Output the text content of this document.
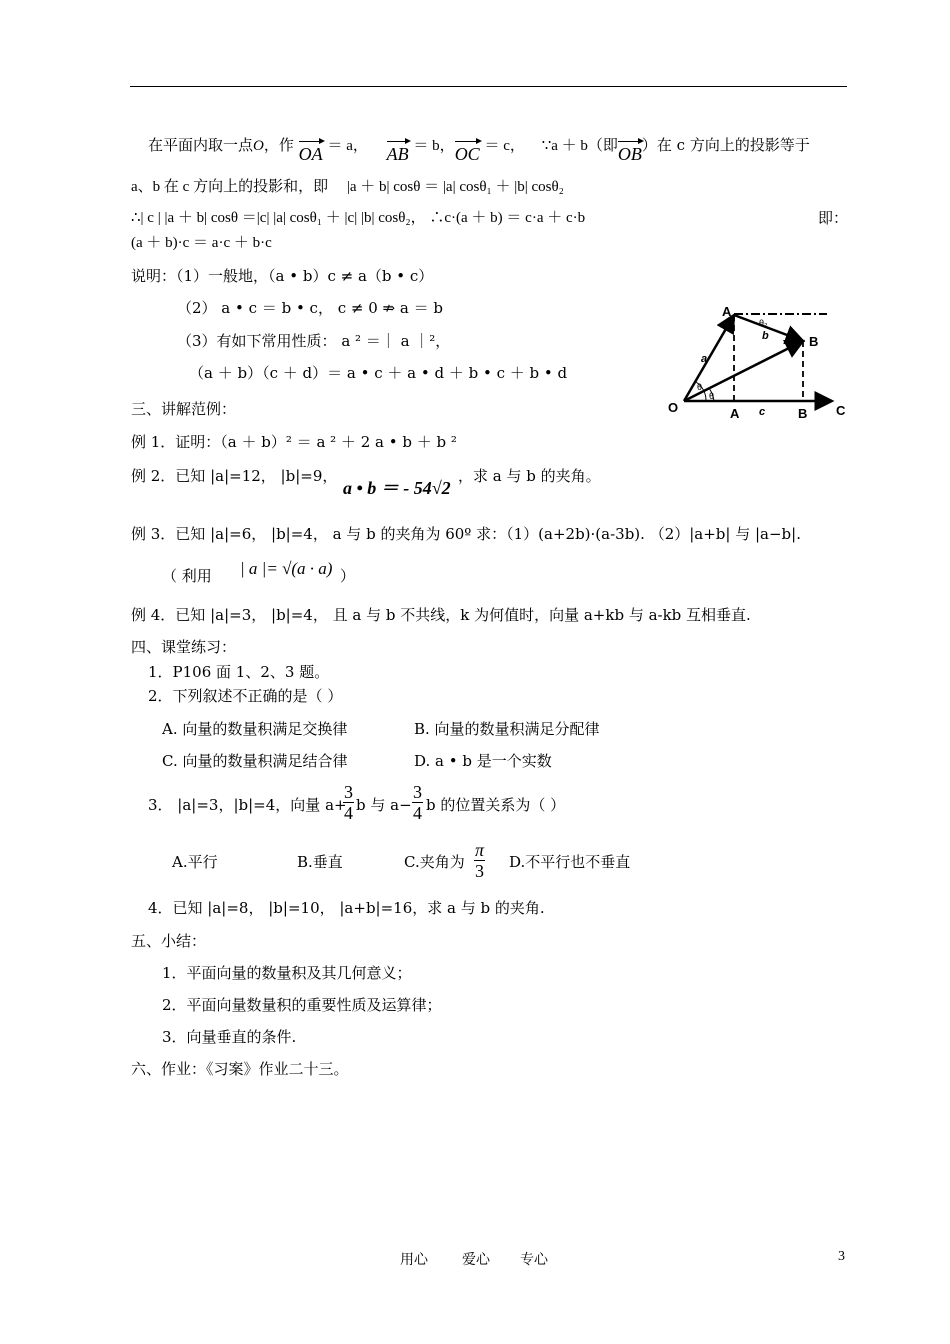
在平面内取一点O，作 OA ＝ a， AB ＝ b，OC ＝ c， ∵a ＋ b（即OB）在 c 方向上的投影等于
a、b 在 c 方向上的投影和，即　 |a ＋ b| cosθ ＝ |a| cosθ₁ ＋ |b| cosθ₂
∴| c | |a ＋ b| cosθ ＝|c| |a| cosθ₁ ＋ |c| |b| cosθ₂， ∴c·(a ＋ b) ＝ c·a ＋ c·b	即：
(a ＋ b)·c ＝ a·c ＋ b·c
说明：（1）一般地，（a • b）c ≠ a（b • c）
（2） a • c ＝ b • c， c ≠ 0 ⇏ a ＝ b
（3）有如下常用性质： a ² ＝｜ a ｜²，
（a ＋ b）（c ＋ d）＝ a • c ＋ a • d ＋ b • c ＋ b • d
O
A
B
A	B C
a
b
c
θ
θ
θ₂
三、讲解范例：
例 1．证明：（a ＋ b）² ＝ a ² ＋ 2 a • b ＋ b ²
例 2．已知 |a|=12， |b|=9，
a • b ＝ - 54√2
，求 a 与 b 的夹角。
例 3．已知 |a|=6， |b|=4， a 与 b 的夹角为 60º 求：（1）(a+2b)·(a-3b). （2）|a+b| 与 |a−b|.
（ 利用 | a |= √(a · a) ）
例 4．已知 |a|=3， |b|=4， 且 a 与 b 不共线，k 为何值时，向量 a+kb 与 a-kb 互相垂直.
四、课堂练习：
1．P106 面 1、2、3 题。
2．下列叙述不正确的是（ ）
A. 向量的数量积满足交换律	B. 向量的数量积满足分配律
C. 向量的数量积满足结合律	D. a • b 是一个实数
3． |a|=3，|b|=4，向量 a+
$\frac{3}{4}$ b 与 $a- \frac{3}{4}$ b 的位置关系为（ ）
A.平行	B.垂直	C.夹角为 $\frac{\pi}{3} D$.不平行也不垂直
4．已知 |a|=8， |b|=10， |a+b|=16，求 a 与 b 的夹角.
五、小结：
1．平面向量的数量积及其几何意义；
2．平面向量数量积的重要性质及运算律；
3．向量垂直的条件.
六、作业：《习案》作业二十三。
用心 爱心 专心	3
